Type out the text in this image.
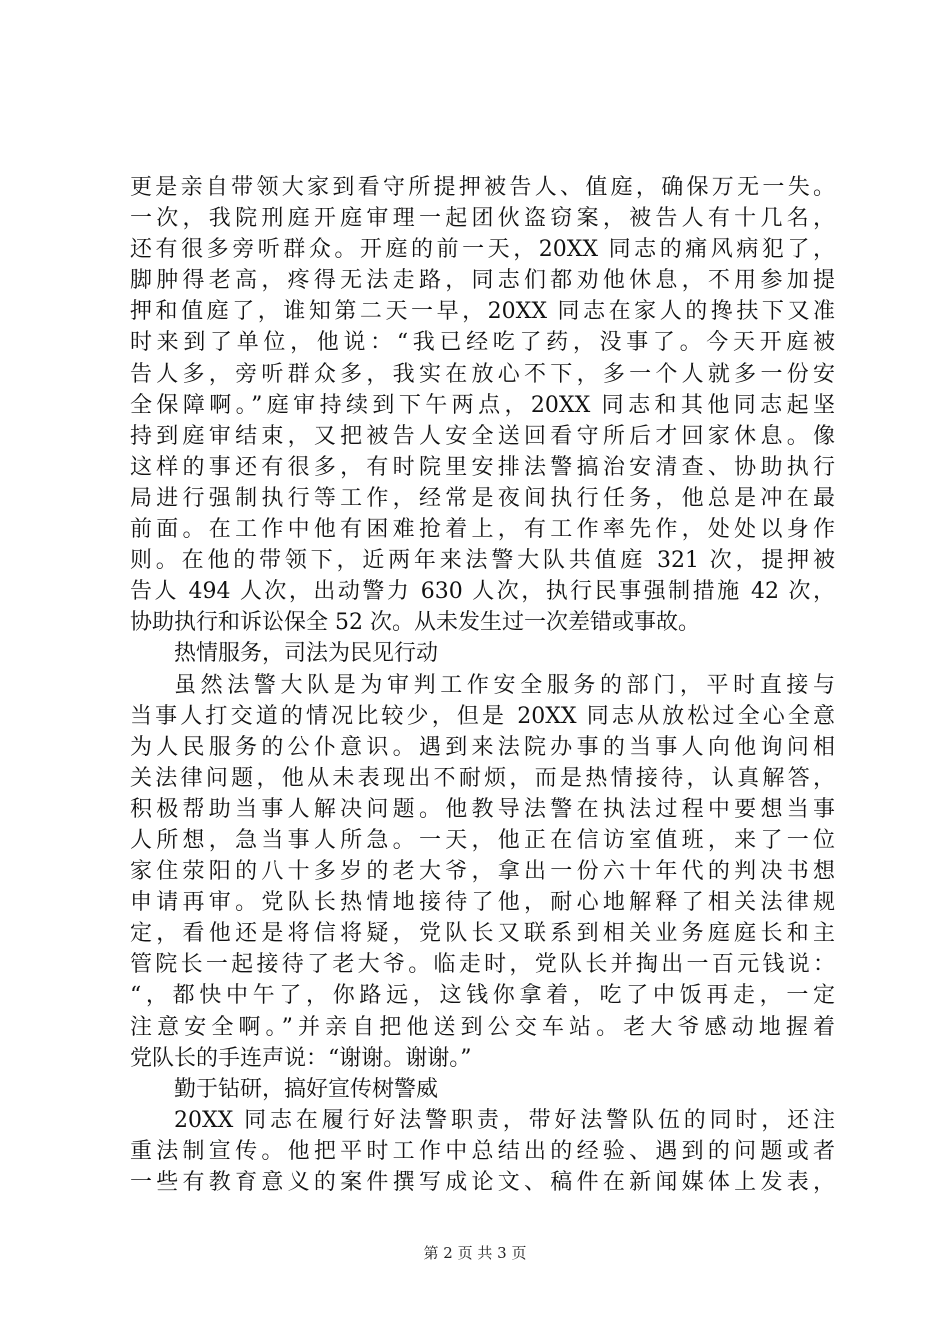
更是亲自带领大家到看守所提押被告人、值庭，确保万无一失。
一次，我院刑庭开庭审理一起团伙盗窃案，被告人有十几名，
还有很多旁听群众。开庭的前一天，20XX 同志的痛风病犯了，
脚肿得老高，疼得无法走路，同志们都劝他休息，不用参加提
押和值庭了，谁知第二天一早，20XX 同志在家人的搀扶下又准
时来到了单位，他说：“我已经吃了药，没事了。今天开庭被
告人多，旁听群众多，我实在放心不下，多一个人就多一份安
全保障啊。”庭审持续到下午两点，20XX 同志和其他同志起坚
持到庭审结束，又把被告人安全送回看守所后才回家休息。像
这样的事还有很多，有时院里安排法警搞治安清查、协助执行
局进行强制执行等工作，经常是夜间执行任务，他总是冲在最
前面。在工作中他有困难抢着上，有工作率先作，处处以身作
则。在他的带领下，近两年来法警大队共值庭 321 次，提押被
告人 494 人次，出动警力 630 人次，执行民事强制措施 42 次，
协助执行和诉讼保全 52 次。从未发生过一次差错或事故。
热情服务，司法为民见行动
虽然法警大队是为审判工作安全服务的部门，平时直接与
当事人打交道的情况比较少，但是 20XX 同志从放松过全心全意
为人民服务的公仆意识。遇到来法院办事的当事人向他询问相
关法律问题，他从未表现出不耐烦，而是热情接待，认真解答，
积极帮助当事人解决问题。他教导法警在执法过程中要想当事
人所想，急当事人所急。一天，他正在信访室值班，来了一位
家住荥阳的八十多岁的老大爷，拿出一份六十年代的判决书想
申请再审。党队长热情地接待了他，耐心地解释了相关法律规
定，看他还是将信将疑，党队长又联系到相关业务庭庭长和主
管院长一起接待了老大爷。临走时，党队长并掏出一百元钱说：
“，都快中午了，你路远，这钱你拿着，吃了中饭再走，一定
注意安全啊。”并亲自把他送到公交车站。老大爷感动地握着
党队长的手连声说：“谢谢。谢谢。”
勤于钻研，搞好宣传树警威
20XX 同志在履行好法警职责，带好法警队伍的同时，还注
重法制宣传。他把平时工作中总结出的经验、遇到的问题或者
一些有教育意义的案件撰写成论文、稿件在新闻媒体上发表，
第 2 页 共 3 页
